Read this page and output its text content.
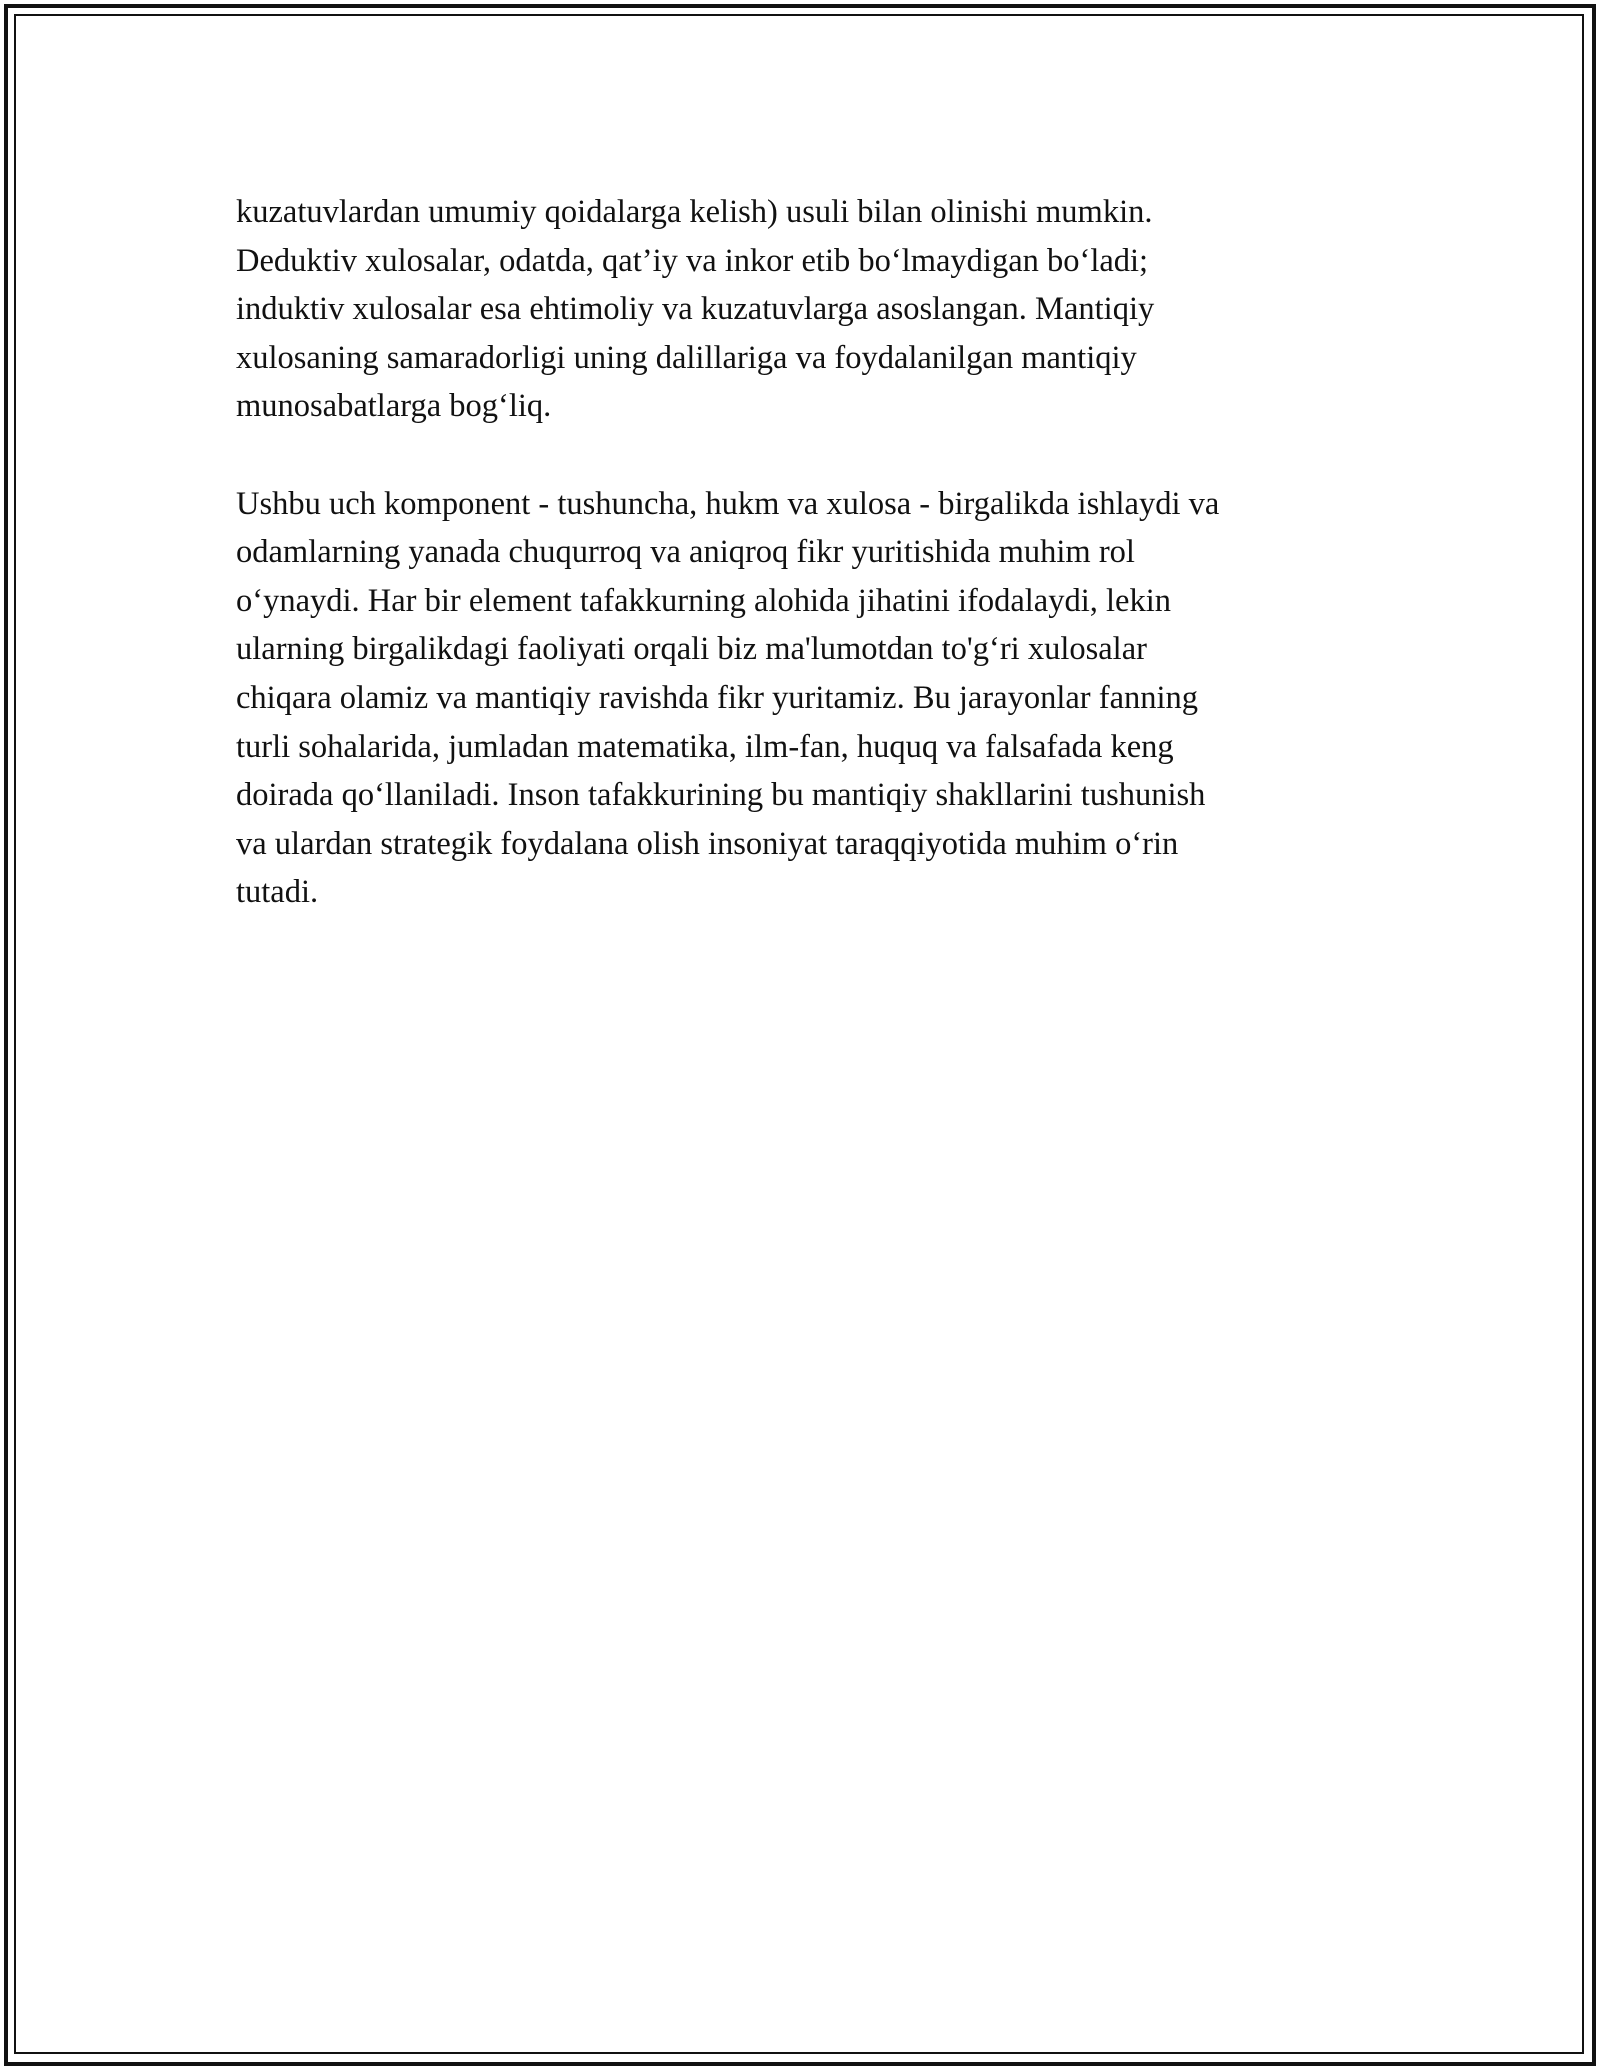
kuzatuvlardan umumiy qoidalarga kelish) usuli bilan olinishi mumkin.
Deduktiv xulosalar, odatda, qat’iy va inkor etib bo‘lmaydigan bo‘ladi;
induktiv xulosalar esa ehtimoliy va kuzatuvlarga asoslangan. Mantiqiy
xulosaning samaradorligi uning dalillariga va foydalanilgan mantiqiy
munosabatlarga bog‘liq.

Ushbu uch komponent - tushuncha, hukm va xulosa - birgalikda ishlaydi va
odamlarning yanada chuqurroq va aniqroq fikr yuritishida muhim rol
o‘ynaydi. Har bir element tafakkurning alohida jihatini ifodalaydi, lekin
ularning birgalikdagi faoliyati orqali biz ma'lumotdan to'g‘ri xulosalar
chiqara olamiz va mantiqiy ravishda fikr yuritamiz. Bu jarayonlar fanning
turli sohalarida, jumladan matematika, ilm-fan, huquq va falsafada keng
doirada qo‘llaniladi. Inson tafakkurining bu mantiqiy shakllarini tushunish
va ulardan strategik foydalana olish insoniyat taraqqiyotida muhim o‘rin
tutadi.
